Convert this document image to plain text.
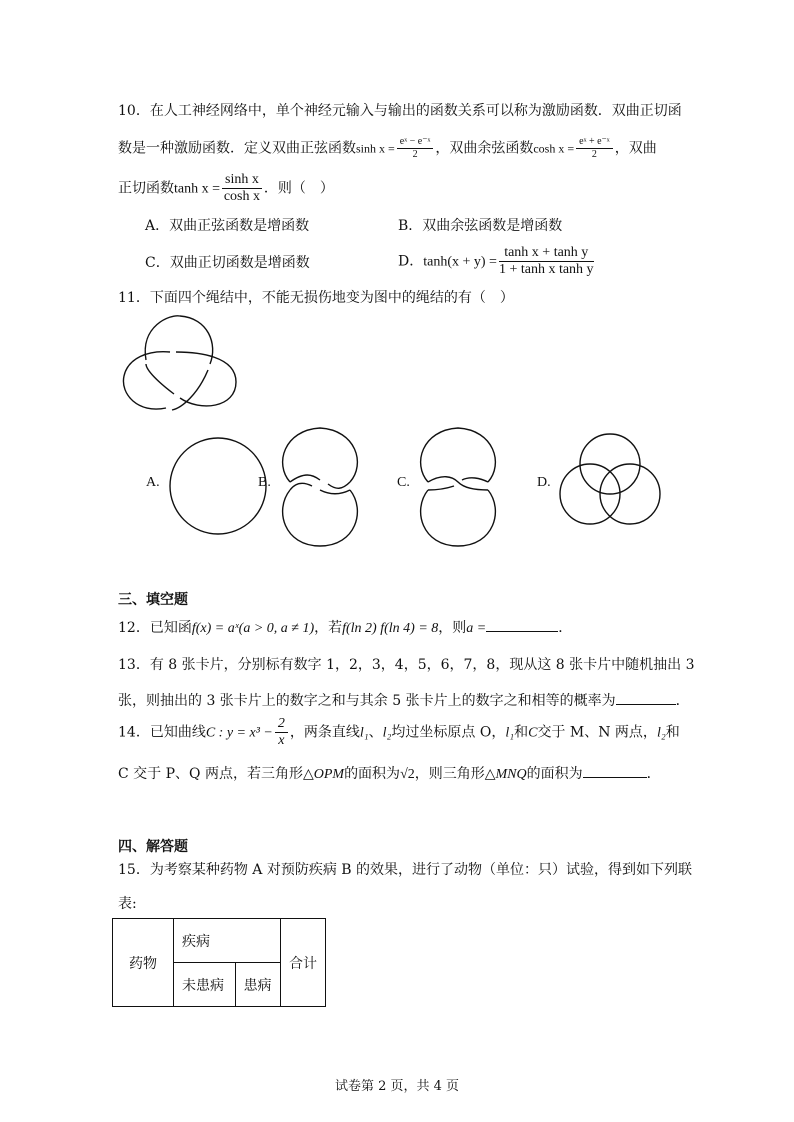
10．在人工神经网络中，单个神经元输入与输出的函数关系可以称为激励函数．双曲正切函
数是一种激励函数．定义双曲正弦函数$\sinh x = \frac{\text{eˣ − e⁻ˣ}}{2}$ ，双曲余弦函数$\cosh x = \frac{\text{eˣ + e⁻ˣ}}{2}$ ，双曲
正切函数$\tanh x = \frac{\text{sinh x}}{\text{cosh x}}$ ．则（　）
A．双曲正弦函数是增函数	B．双曲余弦函数是增函数
C．双曲正切函数是增函数	D．$\tanh(x + y) = \frac{\text{tanh x + tanh y}}{\text{1 + tanh x tanh y}}$
11．下面四个绳结中，不能无损伤地变为图中的绳结的有（　）
A.	B.	C.	D.
三、填空题
12．已知函f(x) = aˣ(a > 0, a ≠ 1)，若f(ln 2) f(ln 4) = 8，则a =	．
13．有 8 张卡片，分别标有数字 1，2，3，4，5，6，7，8，现从这 8 张卡片中随机抽出 3
张，则抽出的 3 张卡片上的数字之和与其余 5 张卡片上的数字之和相等的概率为	．
14．已知曲线C : $y = x^3 - \frac{2}{x}$ ，两条直线l₁、l₂均过坐标原点 O，l₁和C交于 M、N 两点，l₂和
C 交于 P、Q 两点，若三角形△OPM的面积为√2，则三角形△MNQ的面积为	．
四、解答题
15．为考察某种药物 A 对预防疾病 B 的效果，进行了动物（单位：只）试验，得到如下列联
表:
药物	疾病		合计
	未患病	患病	
试卷第 2 页，共 4 页
